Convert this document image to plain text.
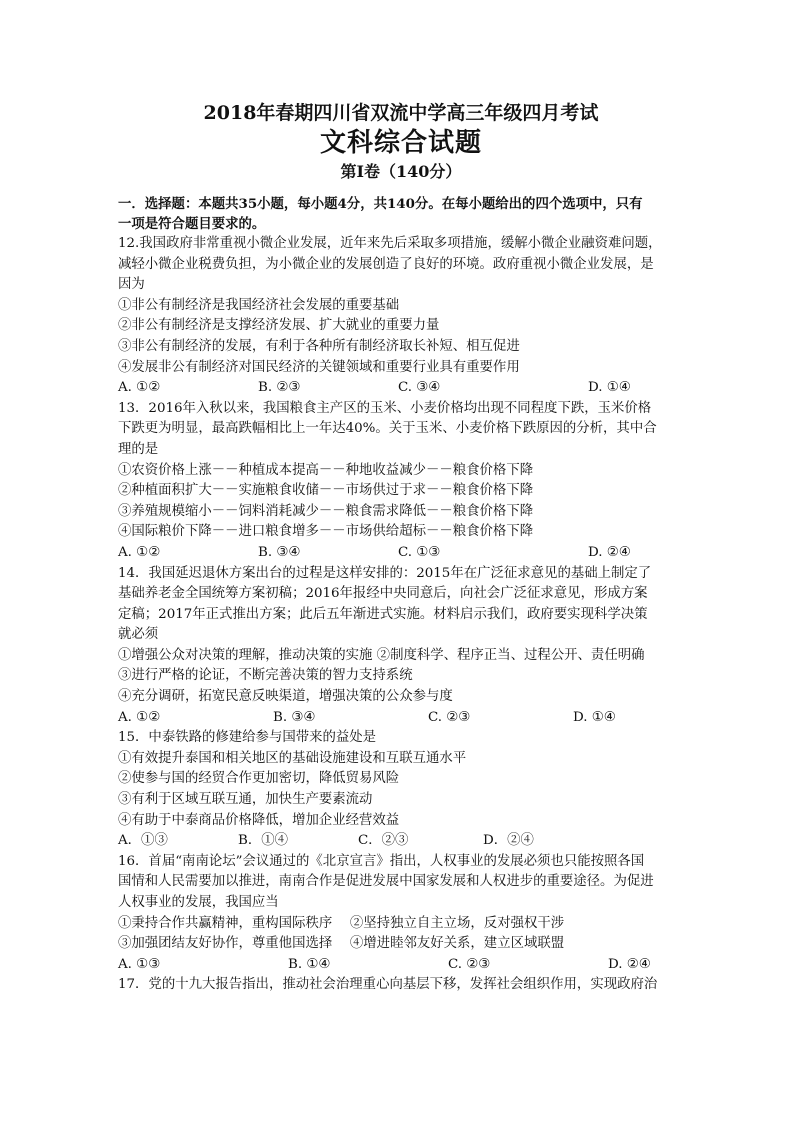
2018年春期四川省双流中学高三年级四月考试
文科综合试题
第Ⅰ卷（140分）
一．选择题：本题共35小题，每小题4分，共140分。在每小题给出的四个选项中，只有
一项是符合题目要求的。
12.我国政府非常重视小微企业发展，近年来先后采取多项措施，缓解小微企业融资难问题，
减轻小微企业税费负担，为小微企业的发展创造了良好的环境。政府重视小微企业发展，是
因为
①非公有制经济是我国经济社会发展的重要基础
②非公有制经济是支撑经济发展、扩大就业的重要力量
③非公有制经济的发展，有利于各种所有制经济取长补短、相互促进
④发展非公有制经济对国民经济的关键领域和重要行业具有重要作用
A. ①②	B. ②③	C. ③④	D. ①④
13．2016年入秋以来，我国粮食主产区的玉米、小麦价格均出现不同程度下跌，玉米价格
下跌更为明显，最高跌幅相比上一年达40%。关于玉米、小麦价格下跌原因的分析，其中合
理的是
①农资价格上涨－－种植成本提高－－种地收益减少－－粮食价格下降
②种植面积扩大－－实施粮食收储－－市场供过于求－－粮食价格下降
③养殖规模缩小－－饲料消耗减少－－粮食需求降低－－粮食价格下降
④国际粮价下降－－进口粮食增多－－市场供给超标－－粮食价格下降
A. ①②	B. ③④	C. ①③	D. ②④
14．我国延迟退休方案出台的过程是这样安排的：2015年在广泛征求意见的基础上制定了
基础养老金全国统筹方案初稿；2016年报经中央同意后，向社会广泛征求意见，形成方案
定稿；2017年正式推出方案；此后五年渐进式实施。材料启示我们，政府要实现科学决策
就必须
①增强公众对决策的理解，推动决策的实施 ②制度科学、程序正当、过程公开、责任明确
③进行严格的论证，不断完善决策的智力支持系统
④充分调研，拓宽民意反映渠道，增强决策的公众参与度
A. ①②	B. ③④	C. ②③	D. ①④
15．中泰铁路的修建给参与国带来的益处是
①有效提升泰国和相关地区的基础设施建设和互联互通水平
②使参与国的经贸合作更加密切，降低贸易风险
③有利于区域互联互通，加快生产要素流动
④有助于中泰商品价格降低，增加企业经营效益
A．①③	B．①④	C．②③	D．②④
16．首届“南南论坛”会议通过的《北京宣言》指出，人权事业的发展必须也只能按照各国
国情和人民需要加以推进，南南合作是促进发展中国家发展和人权进步的重要途径。为促进
人权事业的发展，我国应当
①秉持合作共赢精神，重构国际秩序　 ②坚持独立自主立场，反对强权干涉
③加强团结友好协作，尊重他国选择　 ④增进睦邻友好关系，建立区域联盟
A. ①③	B. ①④	C. ②③	D. ②④
17．党的十九大报告指出，推动社会治理重心向基层下移，发挥社会组织作用，实现政府治
